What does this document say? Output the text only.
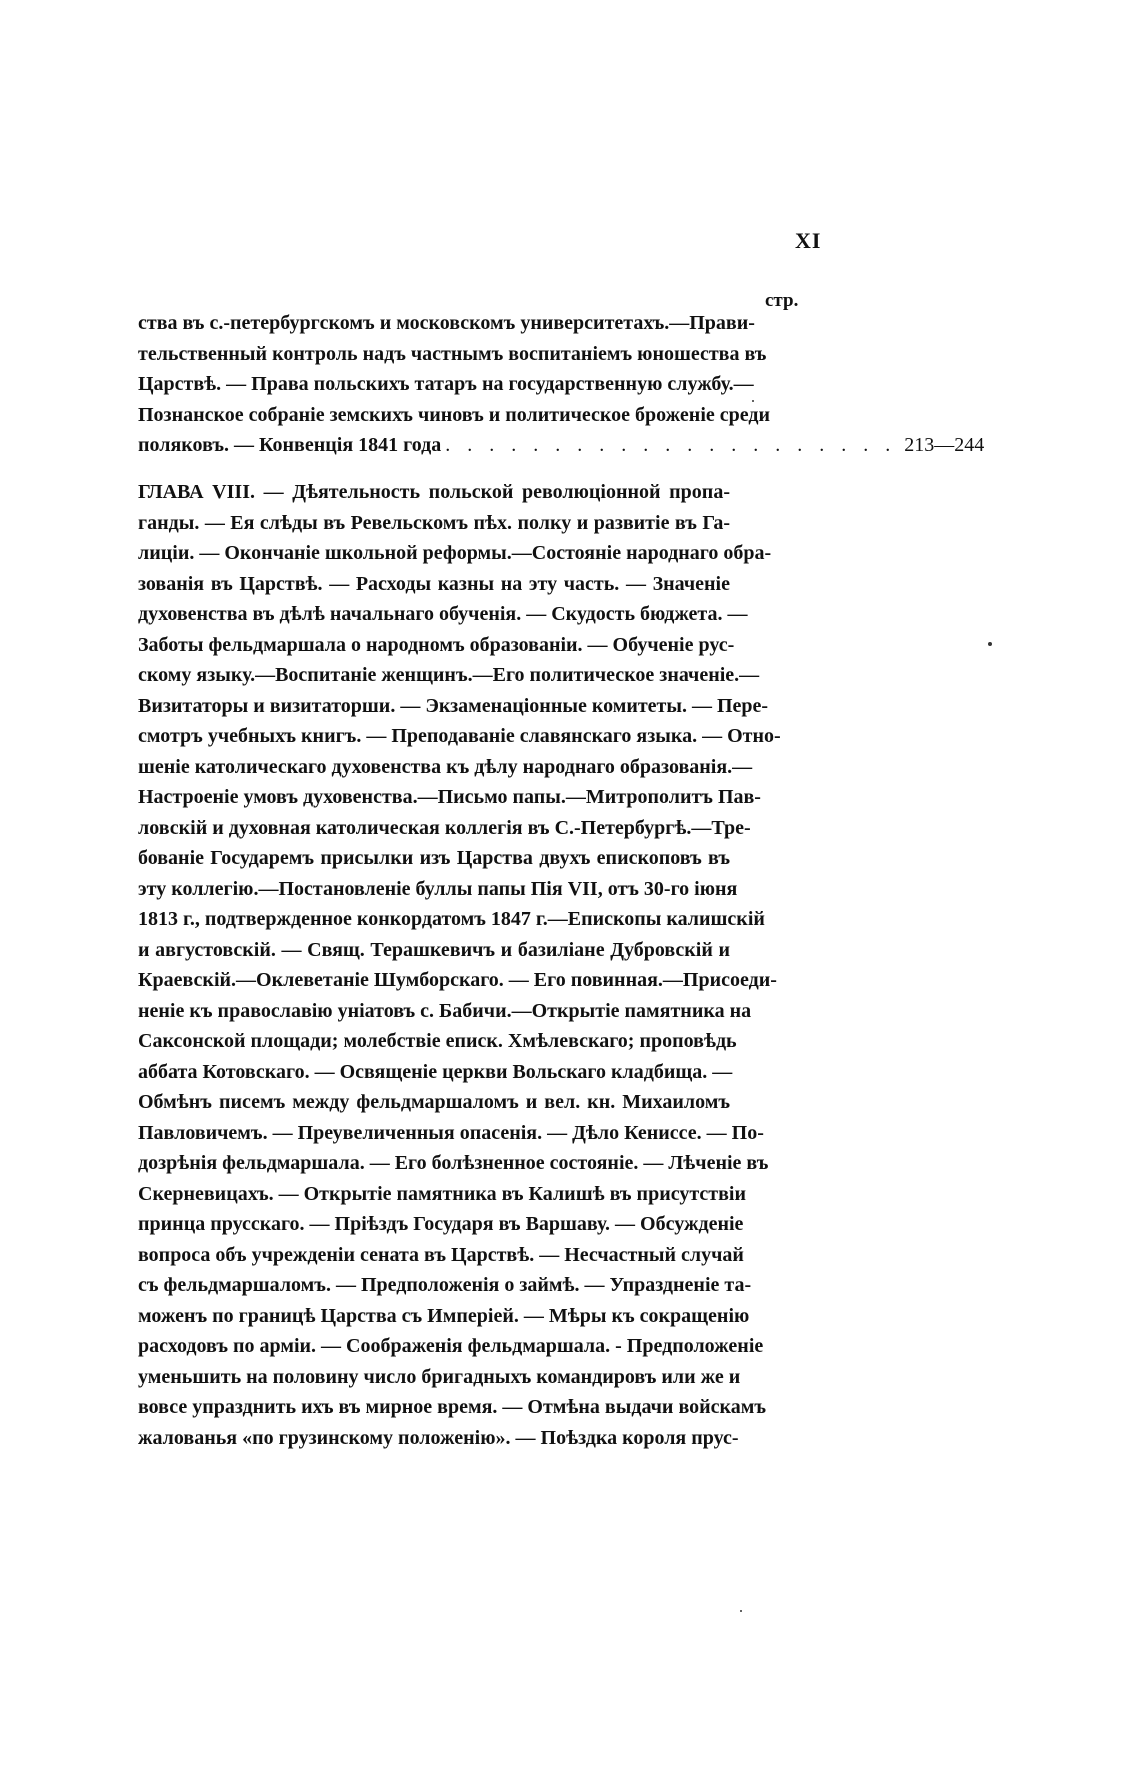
XI
стр.
ства въ с.-петербургскомъ и московскомъ университетахъ.—Прави-
тельственный контроль надъ частнымъ воспитаніемъ юношества въ
Царствѣ. — Права польскихъ татаръ на государственную службу.—
Познанское собраніе земскихъ чиновъ и политическое броженіе среди
поляковъ. — Конвенція 1841 года . . . . . . . . . . . . . . . . . . . . . 213—244
ГЛАВА VIII. — Дѣятельность польской революціонной пропа-
ганды. — Ея слѣды въ Ревельскомъ пѣх. полку и развитіе въ Га-
лиціи. — Окончаніе школьной реформы.—Состояніе народнаго обра-
зованія въ Царствѣ. — Расходы казны на эту часть. — Значеніе
духовенства въ дѣлѣ начальнаго обученія. — Скудость бюджета. —
Заботы фельдмаршала о народномъ образованіи. — Обученіе рус-
скому языку.—Воспитаніе женщинъ.—Его политическое значеніе.—
Визитаторы и визитаторши. — Экзаменаціонные комитеты. — Пере-
смотръ учебныхъ книгъ. — Преподаваніе славянскаго языка. — Отно-
шеніе католическаго духовенства къ дѣлу народнаго образованія.—
Настроеніе умовъ духовенства.—Письмо папы.—Митрополитъ Пав-
ловскій и духовная католическая коллегія въ С.-Петербургѣ.—Тре-
бованіе Государемъ присылки изъ Царства двухъ епископовъ въ
эту коллегію.—Постановленіе буллы папы Пія VII, отъ 30-го іюня
1813 г., подтвержденное конкордатомъ 1847 г.—Епископы калишскій
и августовскій. — Свящ. Терашкевичъ и базиліане Дубровскій и
Краевскій.—Оклеветаніе Шумборскаго. — Его повинная.—Присоеди-
неніе къ православію уніатовъ с. Бабичи.—Открытіе памятника на
Саксонской площади; молебствіе еписк. Хмѣлевскаго; проповѣдь
аббата Котовскаго. — Освященіе церкви Вольскаго кладбища. —
Обмѣнъ писемъ между фельдмаршаломъ и вел. кн. Михаиломъ
Павловичемъ. — Преувеличенныя опасенія. — Дѣло Кениссе. — По-
дозрѣнія фельдмаршала. — Его болѣзненное состояніе. — Лѣченіе въ
Скерневицахъ. — Открытіе памятника въ Калишѣ въ присутствіи
принца прусскаго. — Пріѣздъ Государя въ Варшаву. — Обсужденіе
вопроса объ учрежденіи сената въ Царствѣ. — Несчастный случай
съ фельдмаршаломъ. — Предположенія о займѣ. — Упраздненіе та-
моженъ по границѣ Царства съ Имперіей. — Мѣры къ сокращенію
расходовъ по арміи. — Соображенія фельдмаршала. - Предположеніе
уменьшить на половину число бригадныхъ командировъ или же и
вовсе упразднить ихъ въ мирное время. — Отмѣна выдачи войскамъ
жалованья «по грузинскому положенію». — Поѣздка короля прус-
